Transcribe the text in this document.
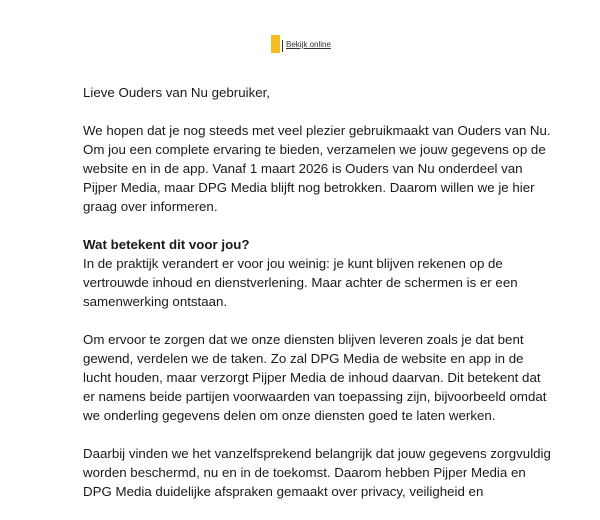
Bekijk online

Lieve Ouders van Nu gebruiker,

We hopen dat je nog steeds met veel plezier gebruikmaakt van Ouders van Nu. Om jou een complete ervaring te bieden, verzamelen we jouw gegevens op de website en in de app. Vanaf 1 maart 2026 is Ouders van Nu onderdeel van Pijper Media, maar DPG Media blijft nog betrokken. Daarom willen we je hier graag over informeren.

Wat betekent dit voor jou?

In de praktijk verandert er voor jou weinig: je kunt blijven rekenen op de vertrouwde inhoud en dienstverlening. Maar achter de schermen is er een samenwerking ontstaan.

Om ervoor te zorgen dat we onze diensten blijven leveren zoals je dat bent gewend, verdelen we de taken. Zo zal DPG Media de website en app in de lucht houden, maar verzorgt Pijper Media de inhoud daarvan. Dit betekent dat er namens beide partijen voorwaarden van toepassing zijn, bijvoorbeeld omdat we onderling gegevens delen om onze diensten goed te laten werken.

Daarbij vinden we het vanzelfsprekend belangrijk dat jouw gegevens zorgvuldig worden beschermd, nu en in de toekomst. Daarom hebben Pijper Media en DPG Media duidelijke afspraken gemaakt over privacy, veiligheid en
